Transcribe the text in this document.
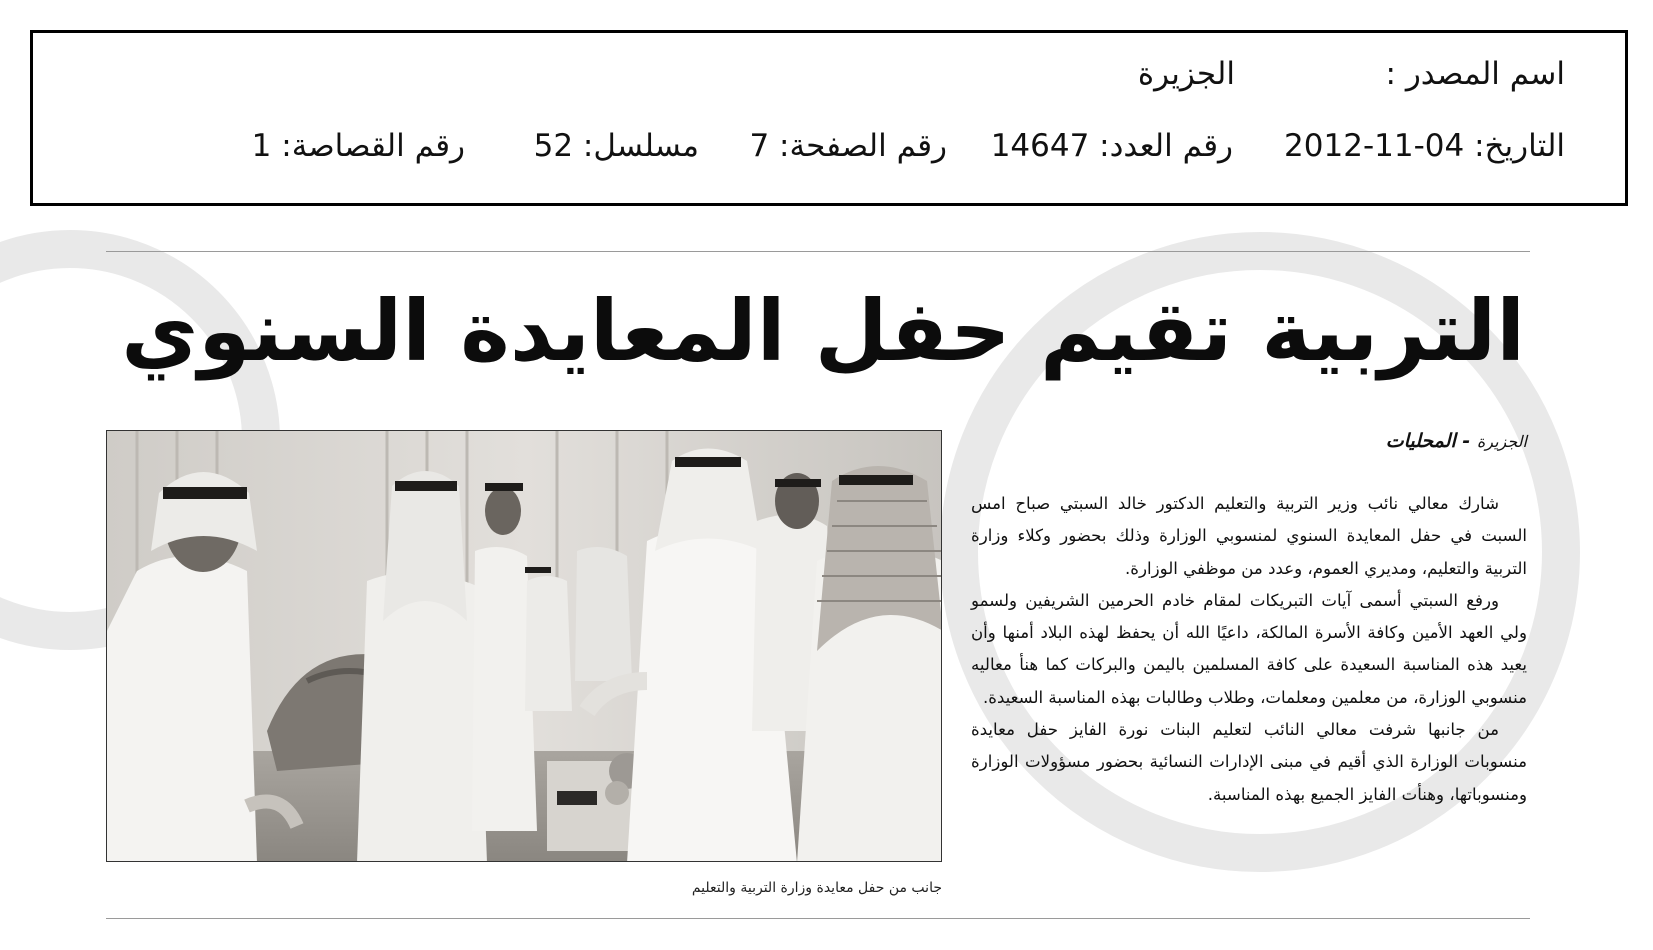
اسم المصدر :
الجزيرة
التاريخ: 04-11-2012
رقم العدد: 14647
رقم الصفحة: 7
مسلسل: 52
رقم القصاصة: 1
التربية تقيم حفل المعايدة السنوي
جانب من حفل معايدة وزارة التربية والتعليم
الجزيرة - المحليات

شارك معالي نائب وزير التربية والتعليم الدكتور خالد السبتي صباح امس السبت في حفل المعايدة السنوي لمنسوبي الوزارة وذلك بحضور وكلاء وزارة التربية والتعليم، ومديري العموم، وعدد من موظفي الوزارة.

ورفع السبتي أسمى آيات التبريكات لمقام خادم الحرمين الشريفين ولسمو ولي العهد الأمين وكافة الأسرة المالكة، داعيًا الله أن يحفظ لهذه البلاد أمنها وأن يعيد هذه المناسبة السعيدة على كافة المسلمين باليمن والبركات كما هنأ معاليه منسوبي الوزارة، من معلمين ومعلمات، وطلاب وطالبات بهذه المناسبة السعيدة.

من جانبها شرفت معالي النائب لتعليم البنات نورة الفايز حفل معايدة منسوبات الوزارة الذي أقيم في مبنى الإدارات النسائية بحضور مسؤولات الوزارة ومنسوباتها، وهنأت الفايز الجميع بهذه المناسبة.
